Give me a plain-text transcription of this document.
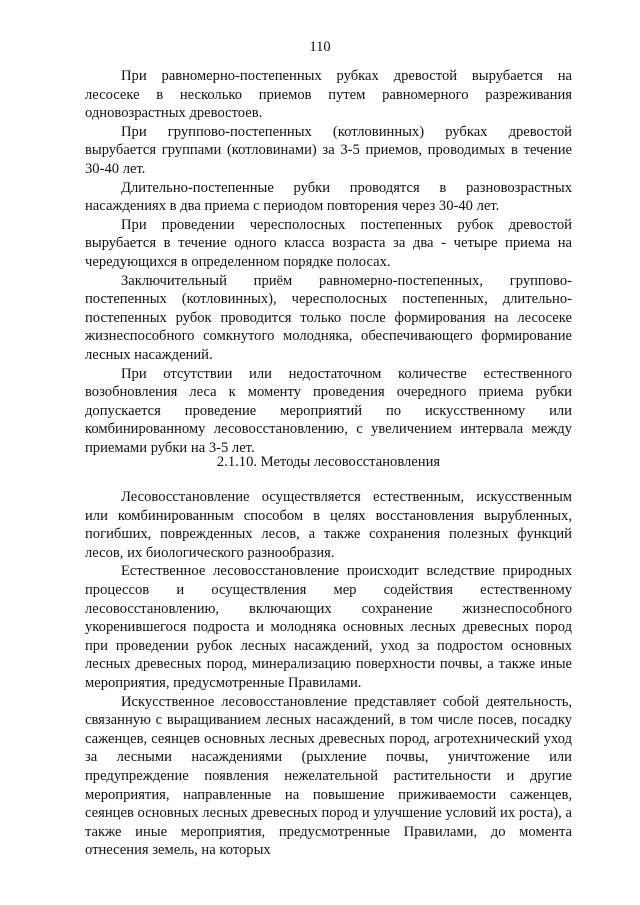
110

При равномерно-постепенных рубках древостой вырубается на лесосеке в несколько приемов путем равномерного разреживания одновозрастных древостоев.

При группово-постепенных (котловинных) рубках древостой вырубается группами (котловинами) за 3-5 приемов, проводимых в течение 30-40 лет.

Длительно-постепенные рубки проводятся в разновозрастных насаждениях в два приема с периодом повторения через 30-40 лет.

При проведении чересполосных постепенных рубок древостой вырубается в течение одного класса возраста за два - четыре приема на чередующихся в определенном порядке полосах.

Заключительный приём равномерно-постепенных, группово-постепенных (котловинных), чересполосных постепенных, длительно-постепенных рубок проводится только после формирования на лесосеке жизнеспособного сомкнутого молодняка, обеспечивающего формирование лесных насаждений.

При отсутствии или недостаточном количестве естественного возобновления леса к моменту проведения очередного приема рубки допускается проведение мероприятий по искусственному или комбинированному лесовосстановлению, с увеличением интервала между приемами рубки на 3-5 лет.

2.1.10. Методы лесовосстановления

Лесовосстановление осуществляется естественным, искусственным или комбинированным способом в целях восстановления вырубленных, погибших, поврежденных лесов, а также сохранения полезных функций лесов, их биологического разнообразия.

Естественное лесовосстановление происходит вследствие природных процессов и осуществления мер содействия естественному лесовосстановлению, включающих сохранение жизнеспособного укоренившегося подроста и молодняка основных лесных древесных пород при проведении рубок лесных насаждений, уход за подростом основных лесных древесных пород, минерализацию поверхности почвы, а также иные мероприятия, предусмотренные Правилами.

Искусственное лесовосстановление представляет собой деятельность, связанную с выращиванием лесных насаждений, в том числе посев, посадку саженцев, сеянцев основных лесных древесных пород, агротехнический уход за лесными насаждениями (рыхление почвы, уничтожение или предупреждение появления нежелательной растительности и другие мероприятия, направленные на повышение приживаемости саженцев, сеянцев основных лесных древесных пород и улучшение условий их роста), а также иные мероприятия, предусмотренные Правилами, до момента отнесения земель, на которых
